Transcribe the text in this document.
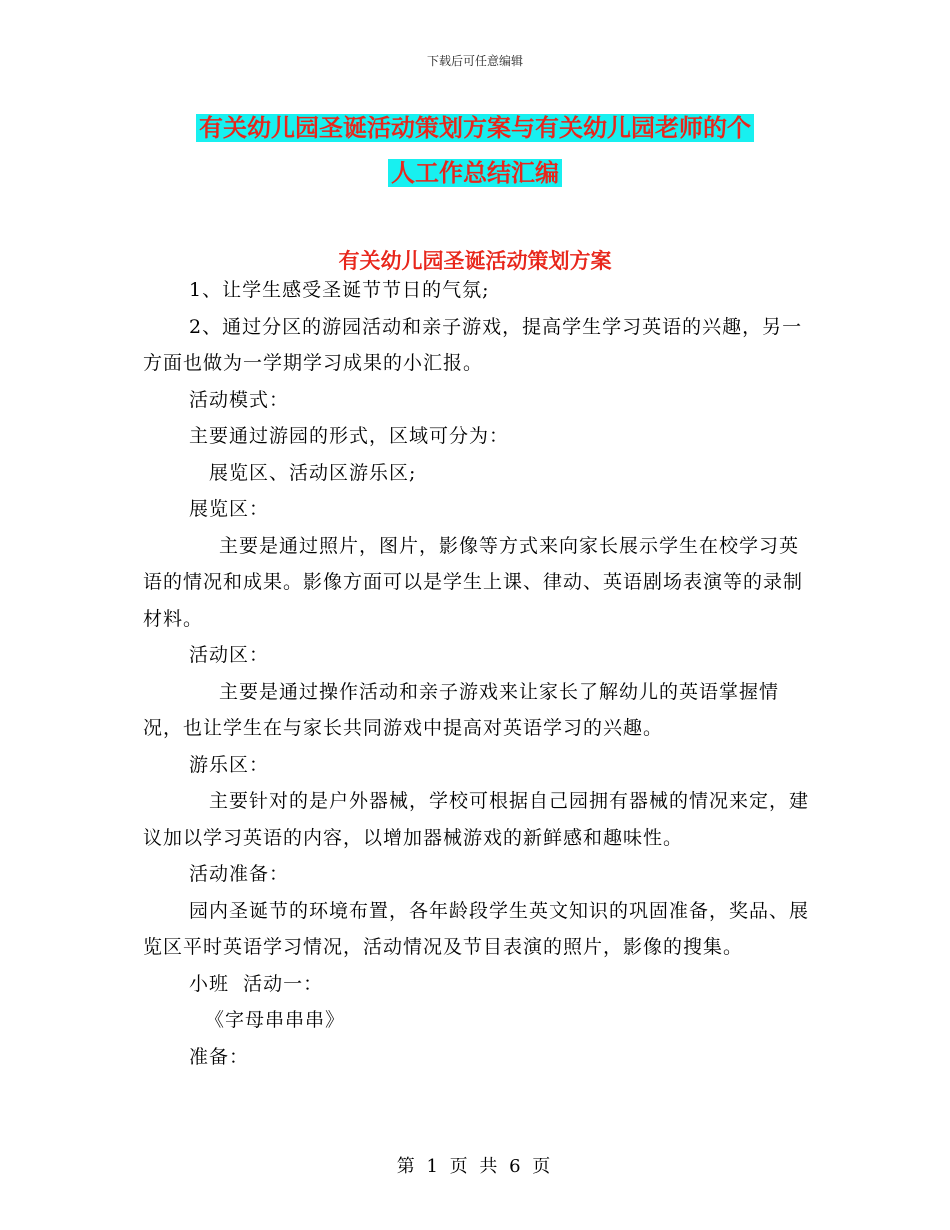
下载后可任意编辑
有关幼儿园圣诞活动策划方案与有关幼儿园老师的个
人工作总结汇编
有关幼儿园圣诞活动策划方案

1、让学生感受圣诞节节日的气氛;

2、通过分区的游园活动和亲子游戏，提高学生学习英语的兴趣，另一方面也做为一学期学习成果的小汇报。

活动模式：

主要通过游园的形式，区域可分为：

展览区、活动区游乐区;

展览区：

主要是通过照片，图片，影像等方式来向家长展示学生在校学习英语的情况和成果。影像方面可以是学生上课、律动、英语剧场表演等的录制材料。

活动区：

主要是通过操作活动和亲子游戏来让家长了解幼儿的英语掌握情况，也让学生在与家长共同游戏中提高对英语学习的兴趣。

游乐区：

主要针对的是户外器械，学校可根据自己园拥有器械的情况来定，建议加以学习英语的内容，以增加器械游戏的新鲜感和趣味性。

活动准备：

园内圣诞节的环境布置，各年龄段学生英文知识的巩固准备，奖品、展览区平时英语学习情况，活动情况及节目表演的照片，影像的搜集。

小班  活动一：

《字母串串串》

准备：

第 1 页 共 6 页
